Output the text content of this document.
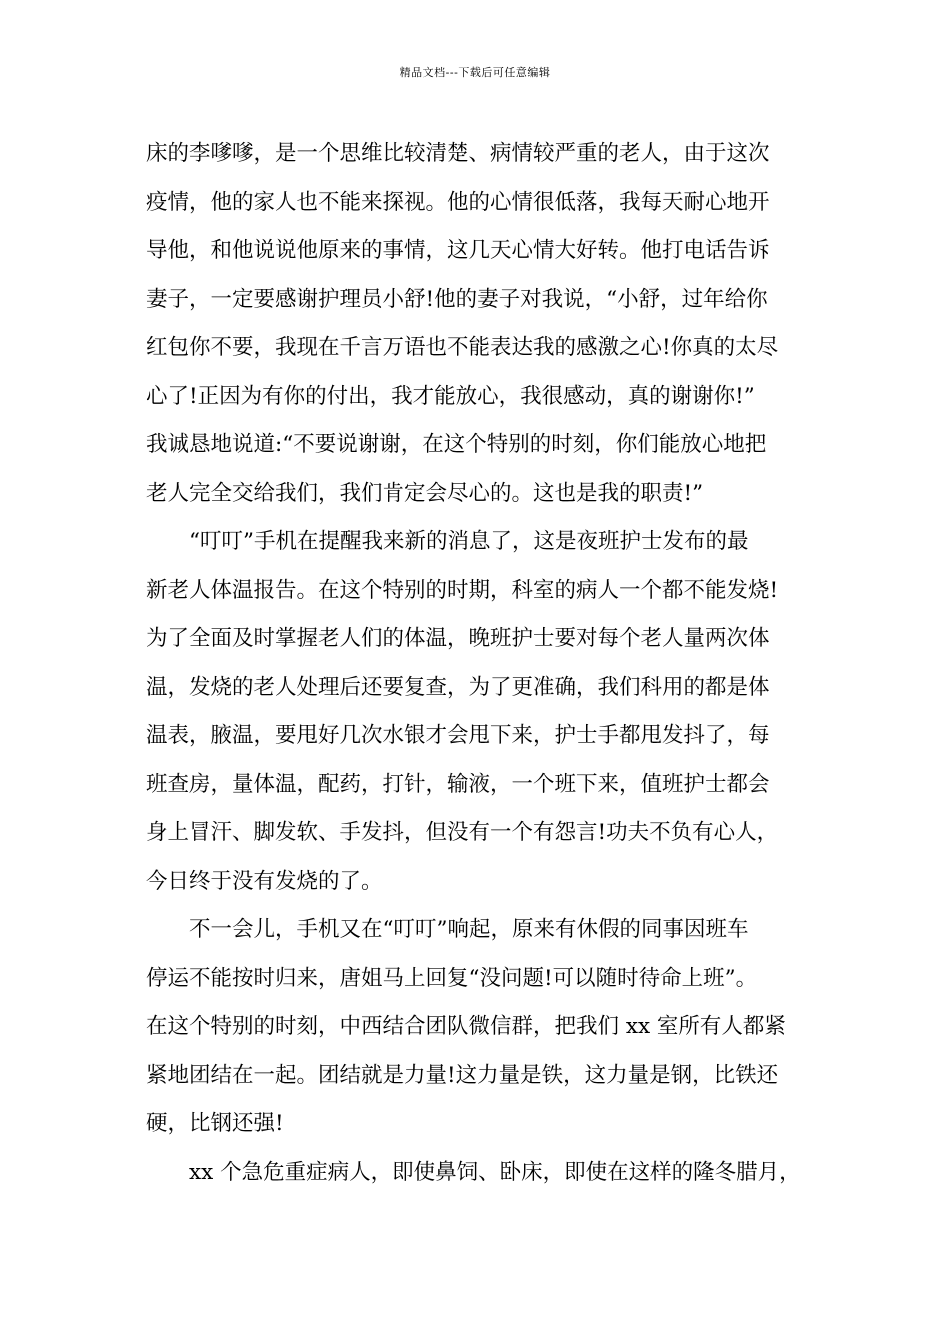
精品文档---下载后可任意编辑
床的李嗲嗲，是一个思维比较清楚、病情较严重的老人，由于这次
疫情，他的家人也不能来探视。他的心情很低落，我每天耐心地开
导他，和他说说他原来的事情，这几天心情大好转。他打电话告诉
妻子，一定要感谢护理员小舒!他的妻子对我说，“小舒，过年给你
红包你不要，我现在千言万语也不能表达我的感激之心!你真的太尽
心了!正因为有你的付出，我才能放心，我很感动，真的谢谢你!”
我诚恳地说道:“不要说谢谢，在这个特别的时刻，你们能放心地把
老人完全交给我们，我们肯定会尽心的。这也是我的职责!”
“叮叮”手机在提醒我来新的消息了，这是夜班护士发布的最
新老人体温报告。在这个特别的时期，科室的病人一个都不能发烧!
为了全面及时掌握老人们的体温，晚班护士要对每个老人量两次体
温，发烧的老人处理后还要复查，为了更准确，我们科用的都是体
温表，腋温，要甩好几次水银才会甩下来，护士手都甩发抖了，每
班查房，量体温，配药，打针，输液，一个班下来，值班护士都会
身上冒汗、脚发软、手发抖，但没有一个有怨言!功夫不负有心人，
今日终于没有发烧的了。
不一会儿，手机又在“叮叮”响起，原来有休假的同事因班车
停运不能按时归来，唐姐马上回复“没问题!可以随时待命上班”。
在这个特别的时刻，中西结合团队微信群，把我们 xx 室所有人都紧
紧地团结在一起。团结就是力量!这力量是铁，这力量是钢，比铁还
硬，比钢还强!
xx 个急危重症病人，即使鼻饲、卧床，即使在这样的隆冬腊月，
